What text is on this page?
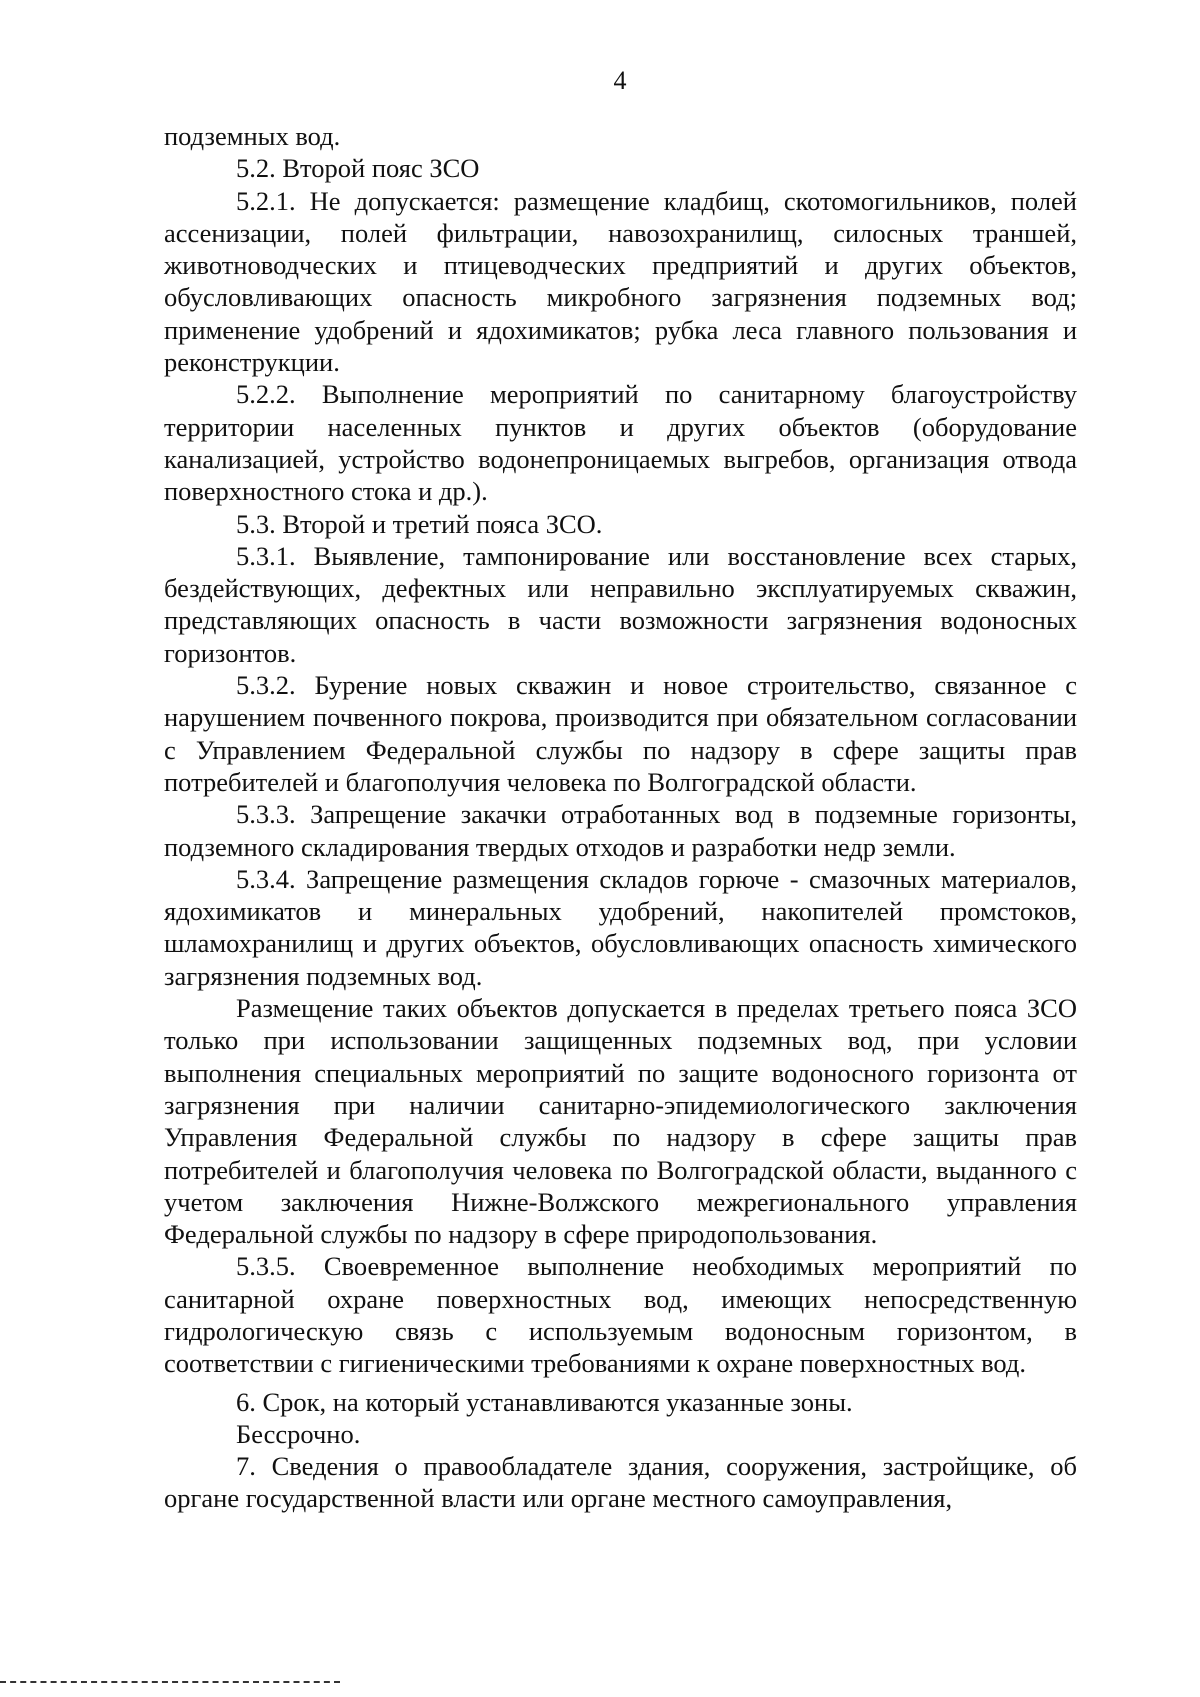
4

подземных вод.

5.2. Второй пояс ЗСО

5.2.1. Не допускается: размещение кладбищ, скотомогильников, полей ассенизации, полей фильтрации, навозохранилищ, силосных траншей, животноводческих и птицеводческих предприятий и других объектов, обусловливающих опасность микробного загрязнения подземных вод; применение удобрений и ядохимикатов; рубка леса главного пользования и реконструкции.

5.2.2. Выполнение мероприятий по санитарному благоустройству территории населенных пунктов и других объектов (оборудование канализацией, устройство водонепроницаемых выгребов, организация отвода поверхностного стока и др.).

5.3. Второй и третий пояса ЗСО.

5.3.1. Выявление, тампонирование или восстановление всех старых, бездействующих, дефектных или неправильно эксплуатируемых скважин, представляющих опасность в части возможности загрязнения водоносных горизонтов.

5.3.2. Бурение новых скважин и новое строительство, связанное с нарушением почвенного покрова, производится при обязательном согласовании с Управлением Федеральной службы по надзору в сфере защиты прав потребителей и благополучия человека по Волгоградской области.

5.3.3. Запрещение закачки отработанных вод в подземные горизонты, подземного складирования твердых отходов и разработки недр земли.

5.3.4. Запрещение размещения складов горюче - смазочных материалов, ядохимикатов и минеральных удобрений, накопителей промстоков, шламохранилищ и других объектов, обусловливающих опасность химического загрязнения подземных вод.

Размещение таких объектов допускается в пределах третьего пояса ЗСО только при использовании защищенных подземных вод, при условии выполнения специальных мероприятий по защите водоносного горизонта от загрязнения при наличии санитарно-эпидемиологического заключения Управления Федеральной службы по надзору в сфере защиты прав потребителей и благополучия человека по Волгоградской области, выданного с учетом заключения Нижне-Волжского межрегионального управления Федеральной службы по надзору в сфере природопользования.

5.3.5. Своевременное выполнение необходимых мероприятий по санитарной охране поверхностных вод, имеющих непосредственную гидрологическую связь с используемым водоносным горизонтом, в соответствии с гигиеническими требованиями к охране поверхностных вод.

6. Срок, на который устанавливаются указанные зоны.

Бессрочно.

7. Сведения о правообладателе здания, сооружения, застройщике, об органе государственной власти или органе местного самоуправления,
